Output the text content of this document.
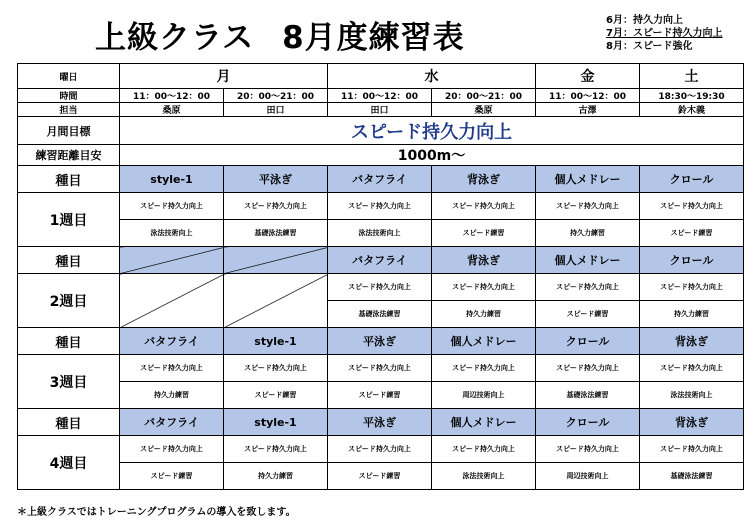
上級クラス 8月度練習表	6月：持久力向上
7月：スピード持久力向上
8月：スピード強化
曜日	月		水		金	土
時間	11：00～12：00	20：00～21：00	11：00～12：00	20：00～21：00	11：00～12：00	18:30～19:30
担当	桑原	田口	田口	桑原	古澤	鈴木義
月間目標	スピード持久力向上					
練習距離目安	1000m～					
種目	style-1	平泳ぎ	バタフライ	背泳ぎ	個人メドレー	クロール
1週目	スピード持久力向上	スピード持久力向上	スピード持久力向上	スピード持久力向上	スピード持久力向上	スピード持久力向上
	泳法技術向上	基礎泳法練習	泳法技術向上	スピード練習	持久力練習	スピード練習
種目			バタフライ	背泳ぎ	個人メドレー	クロール
2週目			スピード持久力向上	スピード持久力向上	スピード持久力向上	スピード持久力向上
			基礎泳法練習	持久力練習	スピード練習	持久力練習
種目	バタフライ	style-1	平泳ぎ	個人メドレー	クロール	背泳ぎ
3週目	スピード持久力向上	スピード持久力向上	スピード持久力向上	スピード持久力向上	スピード持久力向上	スピード持久力向上
	持久力練習	スピード練習	スピード練習	周辺技術向上	基礎泳法練習	泳法技術向上
種目	バタフライ	style-1	平泳ぎ	個人メドレー	クロール	背泳ぎ
4週目	スピード持久力向上	スピード持久力向上	スピード持久力向上	スピード持久力向上	スピード持久力向上	スピード持久力向上
	スピード練習	持久力練習	スピード練習	泳法技術向上	周辺技術向上	基礎泳法練習
＊上級クラスではトレーニングプログラムの導入を致します。
